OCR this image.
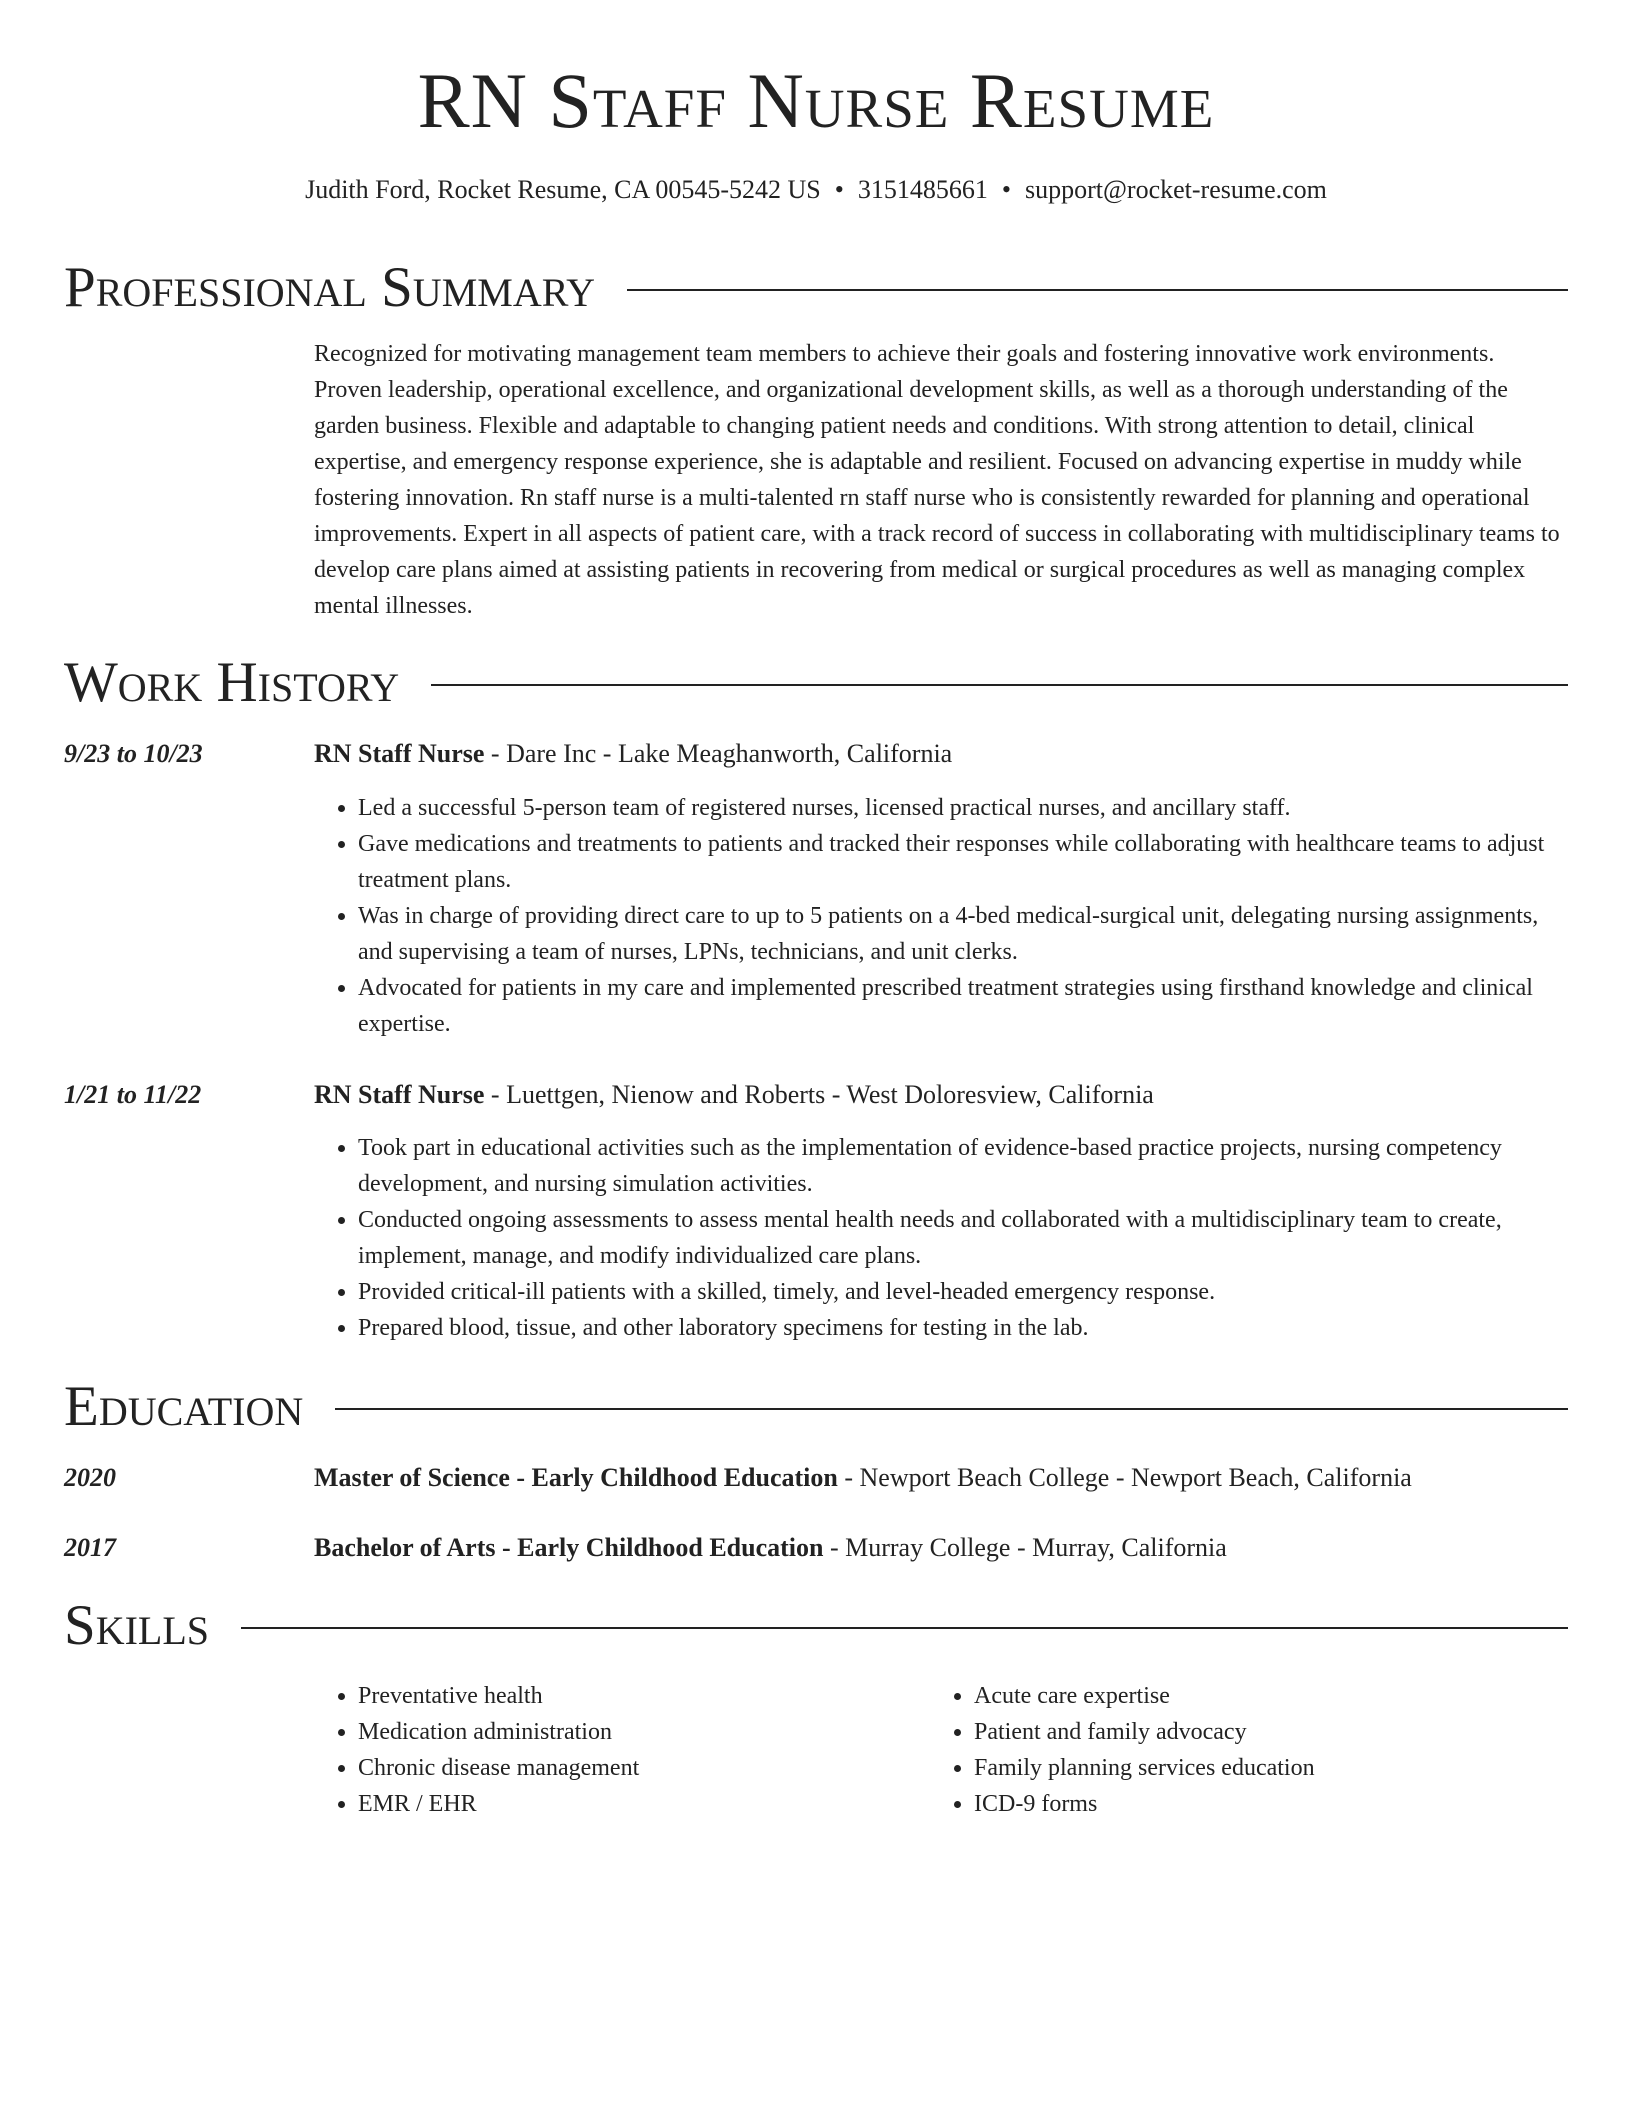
RN Staff Nurse Resume
Judith Ford, Rocket Resume, CA 00545-5242 US • 3151485661 • support@rocket-resume.com
Professional Summary

Recognized for motivating management team members to achieve their goals and fostering innovative work environments. Proven leadership, operational excellence, and organizational development skills, as well as a thorough understanding of the garden business. Flexible and adaptable to changing patient needs and conditions. With strong attention to detail, clinical expertise, and emergency response experience, she is adaptable and resilient. Focused on advancing expertise in muddy while fostering innovation. Rn staff nurse is a multi-talented rn staff nurse who is consistently rewarded for planning and operational improvements. Expert in all aspects of patient care, with a track record of success in collaborating with multidisciplinary teams to develop care plans aimed at assisting patients in recovering from medical or surgical procedures as well as managing complex mental illnesses.

Work History
9/23 to 10/23	RN Staff Nurse - Dare Inc - Lake Meaghanworth, California
• Led a successful 5-person team of registered nurses, licensed practical nurses, and ancillary staff.
• Gave medications and treatments to patients and tracked their responses while collaborating with healthcare teams to adjust treatment plans.
• Was in charge of providing direct care to up to 5 patients on a 4-bed medical-surgical unit, delegating nursing assignments, and supervising a team of nurses, LPNs, technicians, and unit clerks.
• Advocated for patients in my care and implemented prescribed treatment strategies using firsthand knowledge and clinical expertise.
1/21 to 11/22	RN Staff Nurse - Luettgen, Nienow and Roberts - West Doloresview, California
• Took part in educational activities such as the implementation of evidence-based practice projects, nursing competency development, and nursing simulation activities.
• Conducted ongoing assessments to assess mental health needs and collaborated with a multidisciplinary team to create, implement, manage, and modify individualized care plans.
• Provided critical-ill patients with a skilled, timely, and level-headed emergency response.
• Prepared blood, tissue, and other laboratory specimens for testing in the lab.
Education
2020	Master of Science - Early Childhood Education - Newport Beach College - Newport Beach, California
2017	Bachelor of Arts - Early Childhood Education - Murray College - Murray, California
Skills
• Preventative health
• Medication administration
• Chronic disease management
• EMR / EHR
• Acute care expertise
• Patient and family advocacy
• Family planning services education
• ICD-9 forms
